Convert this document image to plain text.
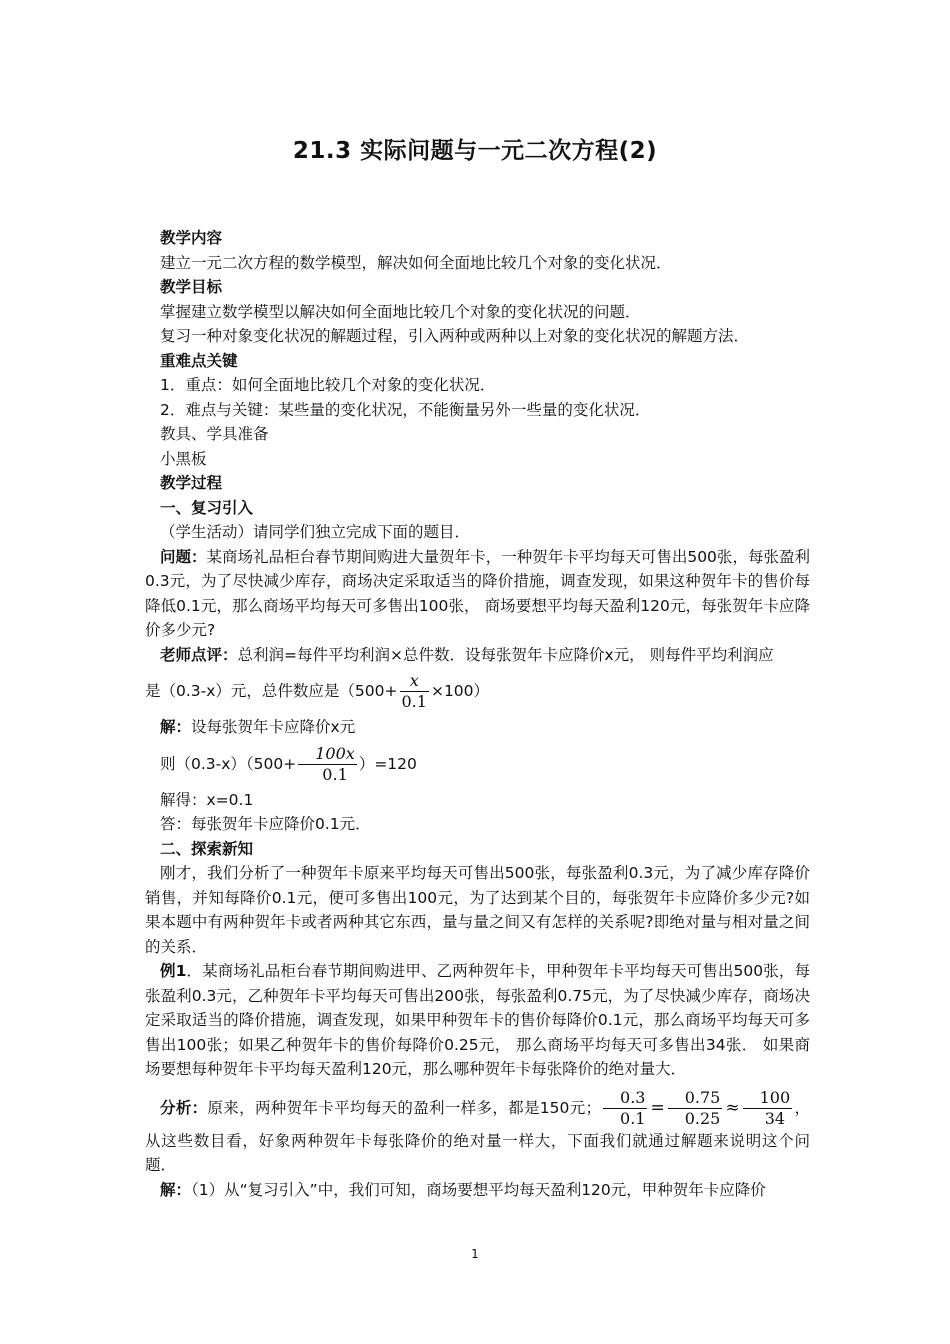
21.3 实际问题与一元二次方程(2)

教学内容

建立一元二次方程的数学模型，解决如何全面地比较几个对象的变化状况．

教学目标

掌握建立数学模型以解决如何全面地比较几个对象的变化状况的问题．

复习一种对象变化状况的解题过程，引入两种或两种以上对象的变化状况的解题方法．

重难点关键

1．重点：如何全面地比较几个对象的变化状况．

2．难点与关键：某些量的变化状况，不能衡量另外一些量的变化状况．

教具、学具准备

小黑板

教学过程

一、复习引入

（学生活动）请同学们独立完成下面的题目．

问题：某商场礼品柜台春节期间购进大量贺年卡，一种贺年卡平均每天可售出500张，每张盈利0.3元，为了尽快减少库存，商场决定采取适当的降价措施，调查发现，如果这种贺年卡的售价每降低0.1元，那么商场平均每天可多售出100张， 商场要想平均每天盈利120元，每张贺年卡应降价多少元?

老师点评：总利润=每件平均利润×总件数．设每张贺年卡应降价x元， 则每件平均利润应

是（0.3-x）元，总件数应是$(500+ \frac{x}{0.1} \times 100)$

解：设每张贺年卡应降价x元

则$(0.3-x)(500+ \frac{100x}{0.1} )=120$

解得：x=0.1

答：每张贺年卡应降价0.1元．

二、探索新知

刚才，我们分析了一种贺年卡原来平均每天可售出500张，每张盈利0.3元，为了减少库存降价销售，并知每降价0.1元，便可多售出100元，为了达到某个目的，每张贺年卡应降价多少元?如果本题中有两种贺年卡或者两种其它东西，量与量之间又有怎样的关系呢?即绝对量与相对量之间的关系．

例1．某商场礼品柜台春节期间购进甲、乙两种贺年卡，甲种贺年卡平均每天可售出500张，每张盈利0.3元，乙种贺年卡平均每天可售出200张，每张盈利0.75元，为了尽快减少库存，商场决定采取适当的降价措施，调查发现，如果甲种贺年卡的售价每降价0.1元，那么商场平均每天可多售出100张；如果乙种贺年卡的售价每降价0.25元， 那么商场平均每天可多售出34张． 如果商场要想每种贺年卡平均每天盈利120元，那么哪种贺年卡每张降价的绝对量大．

分析：原来，两种贺年卡平均每天的盈利一样多，都是150元； $\frac{0.3}{0.1} = \frac{0.75}{0.25} \approx \frac{100}{34}$ ，从这些数目看，好象两种贺年卡每张降价的绝对量一样大，下面我们就通过解题来说明这个问题．

解：（1）从“复习引入”中，我们可知，商场要想平均每天盈利120元，甲种贺年卡应降价

1
